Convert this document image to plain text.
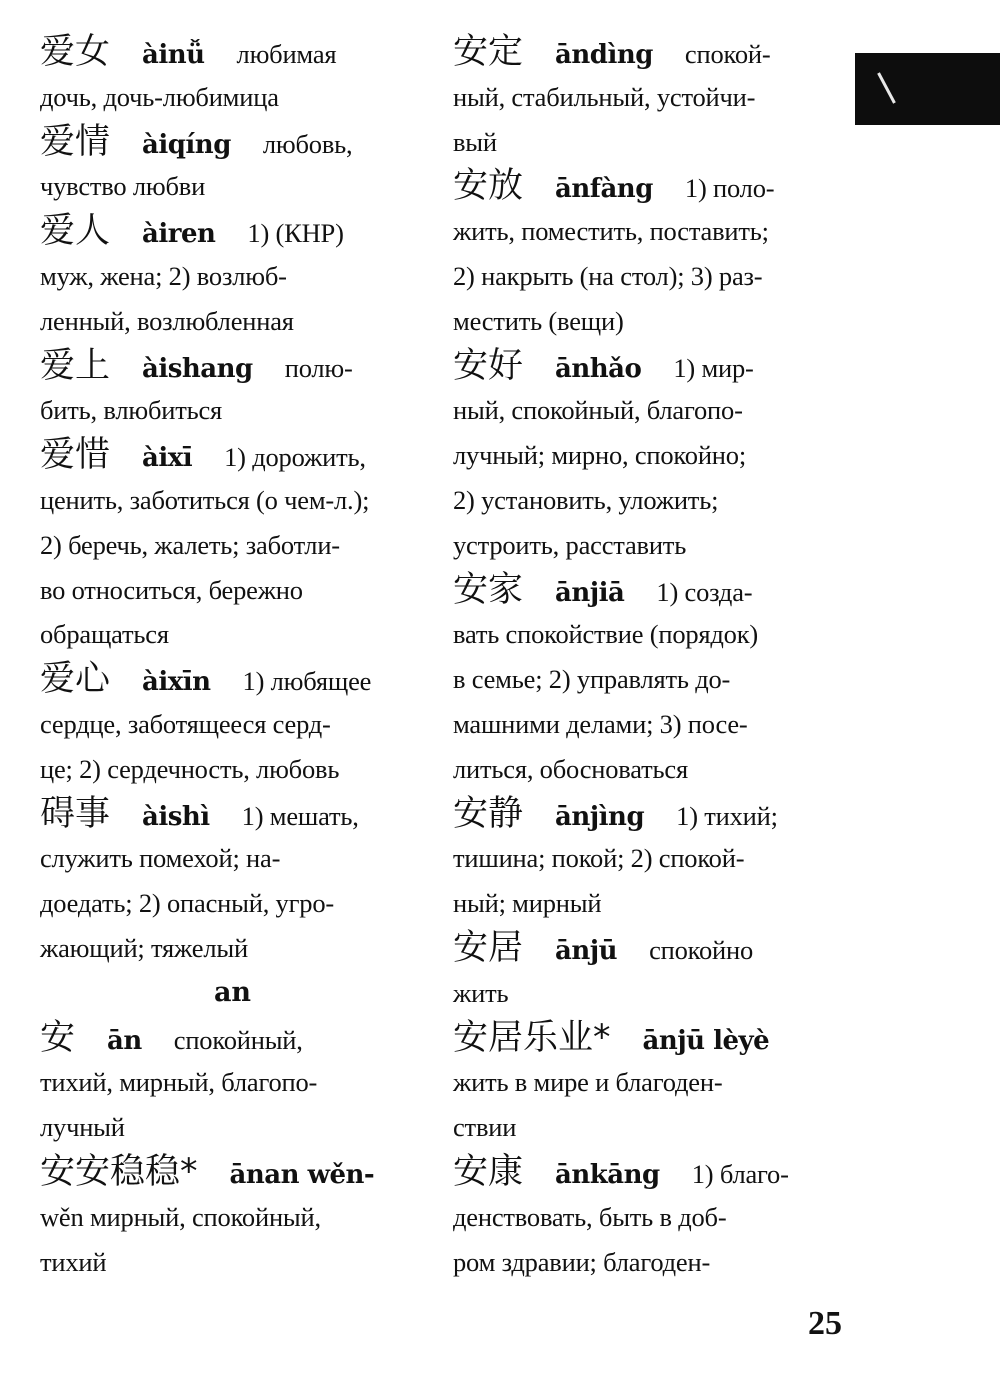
爱女 àinǚ любимая
дочь, дочь-любимица
爱情 àiqíng любовь,
чувство любви
爱人 àiren 1) (КНР)
муж, жена; 2) возлюб-
ленный, возлюбленная
爱上 àishang полю-
бить, влюбиться
爱惜 àixī 1) дорожить,
ценить, заботиться (о чем-л.);
2) беречь, жалеть; заботли-
во относиться, бережно
обращаться
爱心 àixīn 1) любящее
сердце, заботящееся серд-
це; 2) сердечность, любовь
碍事 àishì 1) мешать,
служить помехой; на-
доедать; 2) опасный, угро-
жающий; тяжелый
an
安 ān спокойный,
тихий, мирный, благопо-
лучный
安安稳稳* ānan wěn-
wěn мирный, спокойный,
тихий
安定 āndìng спокой-
ный, стабильный, устойчи-
вый
安放 ānfàng 1) поло-
жить, поместить, поставить;
2) накрыть (на стол); 3) раз-
местить (вещи)
安好 ānhǎo 1) мир-
ный, спокойный, благопо-
лучный; мирно, спокойно;
2) установить, уложить;
устроить, расставить
安家 ānjiā 1) созда-
вать спокойствие (порядок)
в семье; 2) управлять до-
машними делами; 3) посе-
литься, обосноваться
安静 ānjìng 1) тихий;
тишина; покой; 2) спокой-
ный; мирный
安居 ānjū спокойно
жить
安居乐业* ānjū lèyè
жить в мире и благоден-
ствии
安康 ānkāng 1) благо-
денствовать, быть в доб-
ром здравии; благоден-
25
